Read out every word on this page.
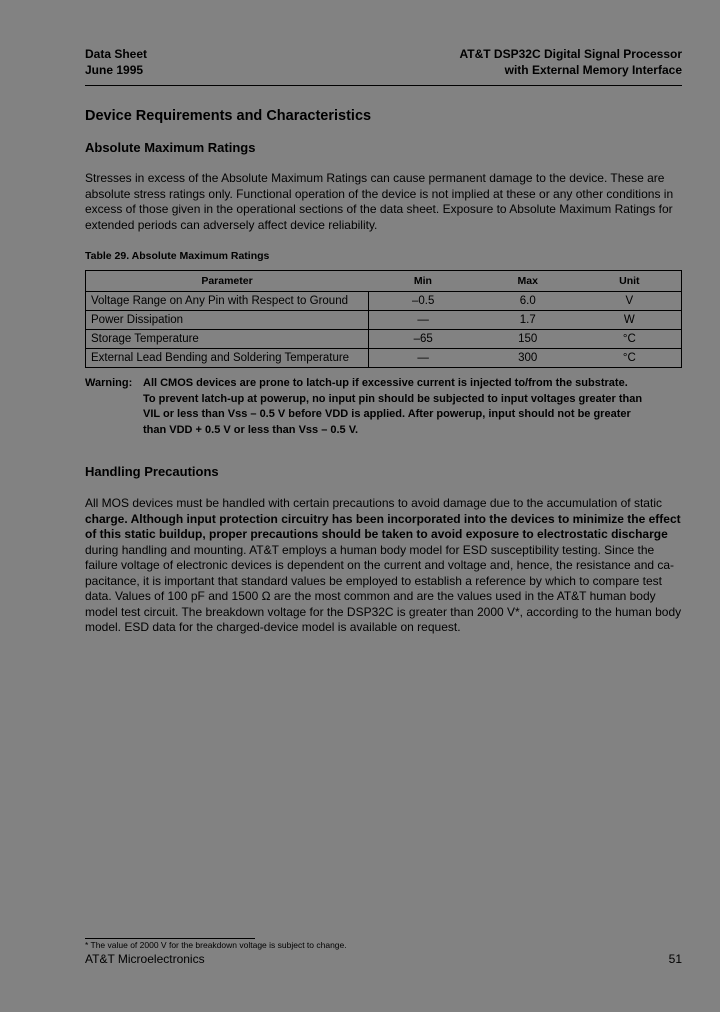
Data Sheet
June 1995
AT&T DSP32C Digital Signal Processor
with External Memory Interface
Device Requirements and Characteristics
Absolute Maximum Ratings
Stresses in excess of the Absolute Maximum Ratings can cause permanent damage to the device. These are
absolute stress ratings only. Functional operation of the device is not implied at these or any other conditions in
excess of those given in the operational sections of the data sheet. Exposure to Absolute Maximum Ratings for
extended periods can adversely affect device reliability.
Table 29. Absolute Maximum Ratings
Parameter	Min	Max	Unit
Voltage Range on Any Pin with Respect to Ground	–0.5	6.0	V
Power Dissipation	—	1.7	W
Storage Temperature	–65	150	°C
External Lead Bending and Soldering Temperature	—	300	°C
Warning: All CMOS devices are prone to latch-up if excessive current is injected to/from the substrate.
To prevent latch-up at powerup, no input pin should be subjected to input voltages greater than
VIL or less than Vss – 0.5 V before VDD is applied. After powerup, input should not be greater
than VDD + 0.5 V or less than Vss – 0.5 V.
Handling Precautions
All MOS devices must be handled with certain precautions to avoid damage due to the accumulation of static
charge. Although input protection circuitry has been incorporated into the devices to minimize the effect
of this static buildup, proper precautions should be taken to avoid exposure to electrostatic discharge
during handling and mounting. AT&T employs a human body model for ESD susceptibility testing. Since the
failure voltage of electronic devices is dependent on the current and voltage and, hence, the resistance and ca-
pacitance, it is important that standard values be employed to establish a reference by which to compare test
data. Values of 100 pF and 1500 Ω are the most common and are the values used in the AT&T human body
model test circuit. The breakdown voltage for the DSP32C is greater than 2000 V*, according to the human body
model. ESD data for the charged-device model is available on request.
* The value of 2000 V for the breakdown voltage is subject to change.
AT&T Microelectronics	51
